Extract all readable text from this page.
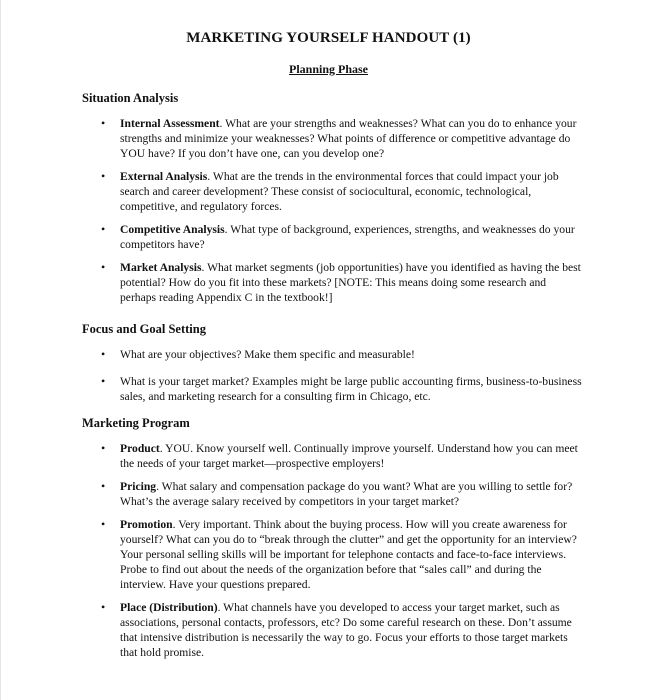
MARKETING YOURSELF HANDOUT (1)
Planning Phase
Situation Analysis
• Internal Assessment. What are your strengths and weaknesses? What can you do to enhance your strengths and minimize your weaknesses? What points of difference or competitive advantage do YOU have? If you don’t have one, can you develop one?
• External Analysis. What are the trends in the environmental forces that could impact your job search and career development? These consist of sociocultural, economic, technological, competitive, and regulatory forces.
• Competitive Analysis. What type of background, experiences, strengths, and weaknesses do your competitors have?
• Market Analysis. What market segments (job opportunities) have you identified as having the best potential? How do you fit into these markets? [NOTE: This means doing some research and perhaps reading Appendix C in the textbook!]
Focus and Goal Setting
• What are your objectives? Make them specific and measurable!
• What is your target market? Examples might be large public accounting firms, business-to-business sales, and marketing research for a consulting firm in Chicago, etc.
Marketing Program
• Product. YOU. Know yourself well. Continually improve yourself. Understand how you can meet the needs of your target market—prospective employers!
• Pricing. What salary and compensation package do you want? What are you willing to settle for? What’s the average salary received by competitors in your target market?
• Promotion. Very important. Think about the buying process. How will you create awareness for yourself? What can you do to “break through the clutter” and get the opportunity for an interview? Your personal selling skills will be important for telephone contacts and face-to-face interviews. Probe to find out about the needs of the organization before that “sales call” and during the interview. Have your questions prepared.
• Place (Distribution). What channels have you developed to access your target market, such as associations, personal contacts, professors, etc? Do some careful research on these. Don’t assume that intensive distribution is necessarily the way to go. Focus your efforts to those target markets that hold promise.
